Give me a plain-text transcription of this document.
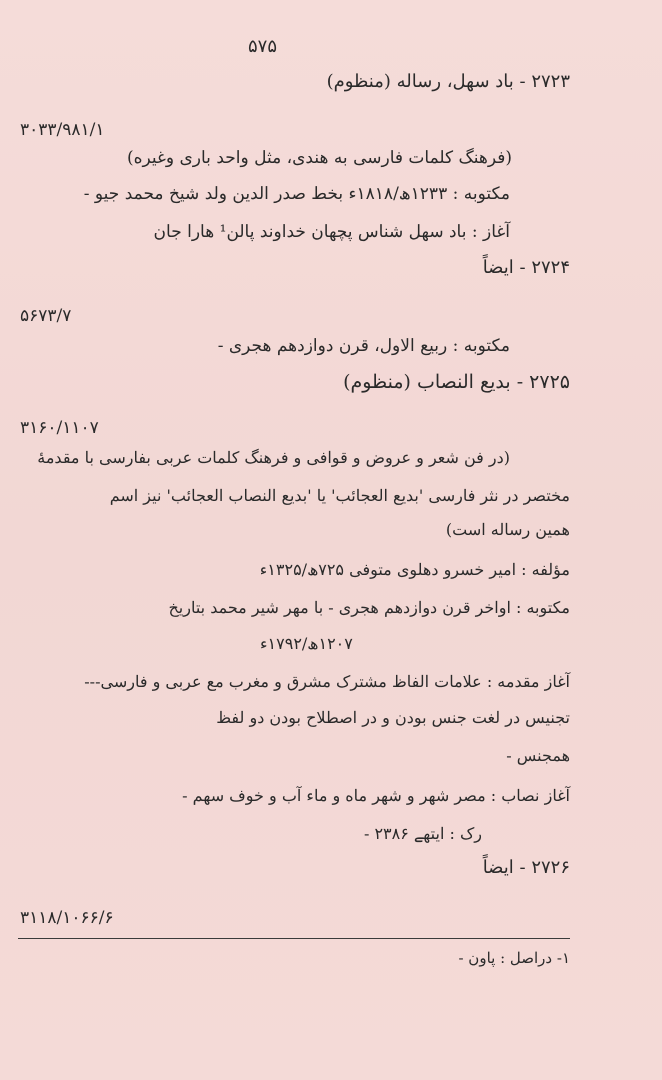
۵۷۵
۲۷۲۳ - باد سهل، رساله (منظوم)
۳۰۳۳/۹۸۱/۱
(فرهنگ کلمات فارسی به هندی، مثل واحد باری وغیره)
مکتوبه : ۱۲۳۳ھ/۱۸۱۸ء بخط صدر الدین ولد شیخ محمد جیو -
آغاز : باد سهل شناس پچهان خداوند پالن¹ هارا جان
۲۷۲۴ - ایضاً
۵۶۷۳/۷
مکتوبه : ربیع الاول، قرن دوازدهم هجری -
۲۷۲۵ - بدیع النصاب (منظوم)
۳۱۶۰/۱۱۰۷
(در فن شعر و عروض و قوافی و فرهنگ کلمات عربی بفارسی با مقدمهٔ
مختصر در نثر فارسی 'بدیع العجائب' یا 'بدیع النصاب العجائب' نیز اسم
همین رساله است)
مؤلفه : امیر خسرو دهلوی متوفی ۷۲۵ھ/۱۳۲۵ء
مکتوبه : اواخر قرن دوازدهم هجری - با مهر شیر محمد بتاریخ
۱۲۰۷ھ/۱۷۹۲ء
آغاز مقدمه : علامات الفاظ مشترک مشرق و مغرب مع عربی و فارسی---
تجنیس در لغت جنس بودن و در اصطلاح بودن دو لفظ
همجنس -
آغاز نصاب : مصر شهر و شهر ماه و ماء آب و خوف سهم -
رک : ایتهے ۲۳۸۶ -
۲۷۲۶ - ایضاً
۳۱۱۸/۱۰۶۶/۶
۱- دراصل : پاون -
